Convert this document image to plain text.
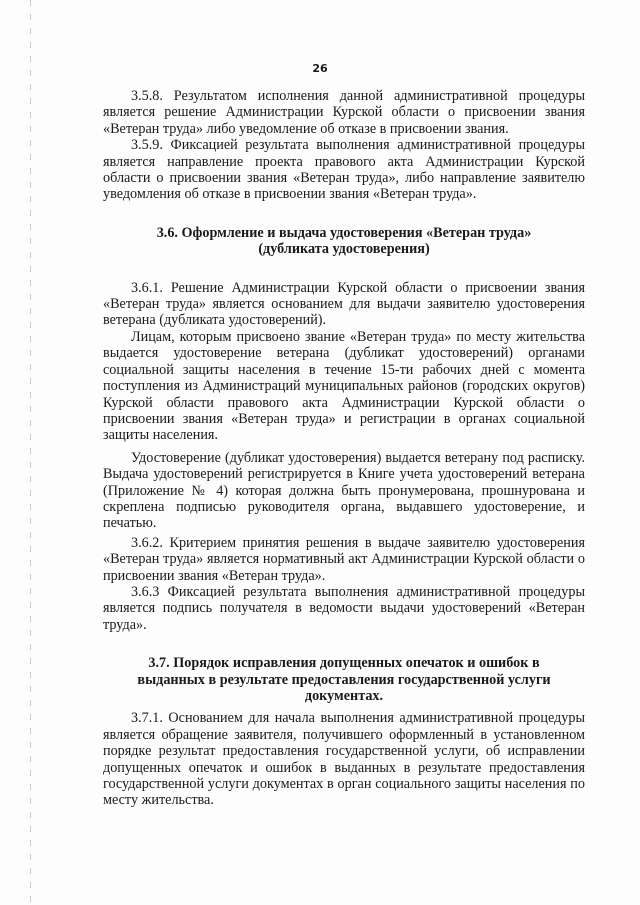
26

3.5.8. Результатом исполнения данной административной процедуры является решение Администрации Курской области о присвоении звания «Ветеран труда» либо уведомление об отказе в присвоении звания.

3.5.9. Фиксацией результата выполнения административной процедуры является направление проекта правового акта Администрации Курской области о присвоении звания «Ветеран труда», либо направление заявителю уведомления об отказе в присвоении звания «Ветеран труда».

3.6. Оформление и выдача удостоверения «Ветеран труда» (дубликата удостоверения)

3.6.1. Решение Администрации Курской области о присвоении звания «Ветеран труда» является основанием для выдачи заявителю удостоверения ветерана (дубликата удостоверений).

Лицам, которым присвоено звание «Ветеран труда» по месту жительства выдается удостоверение ветерана (дубликат удостоверений) органами социальной защиты населения в течение 15-ти рабочих дней с момента поступления из Администраций муниципальных районов (городских округов) Курской области правового акта Администрации Курской области о присвоении звания «Ветеран труда» и регистрации в органах социальной защиты населения.

Удостоверение (дубликат удостоверения) выдается ветерану под расписку. Выдача удостоверений регистрируется в Книге учета удостоверений ветерана (Приложение № 4) которая должна быть пронумерована, прошнурована и скреплена подписью руководителя органа, выдавшего удостоверение, и печатью.

3.6.2. Критерием принятия решения в выдаче заявителю удостоверения «Ветеран труда» является нормативный акт Администрации Курской области о присвоении звания «Ветеран труда».

3.6.3 Фиксацией результата выполнения административной процедуры является подпись получателя в ведомости выдачи удостоверений «Ветеран труда».

3.7. Порядок исправления допущенных опечаток и ошибок в выданных в результате предоставления государственной услуги документах.

3.7.1. Основанием для начала выполнения административной процедуры является обращение заявителя, получившего оформленный в установленном порядке результат предоставления государственной услуги, об исправлении допущенных опечаток и ошибок в выданных в результате предоставления государственной услуги документах в орган социального защиты населения по месту жительства.
